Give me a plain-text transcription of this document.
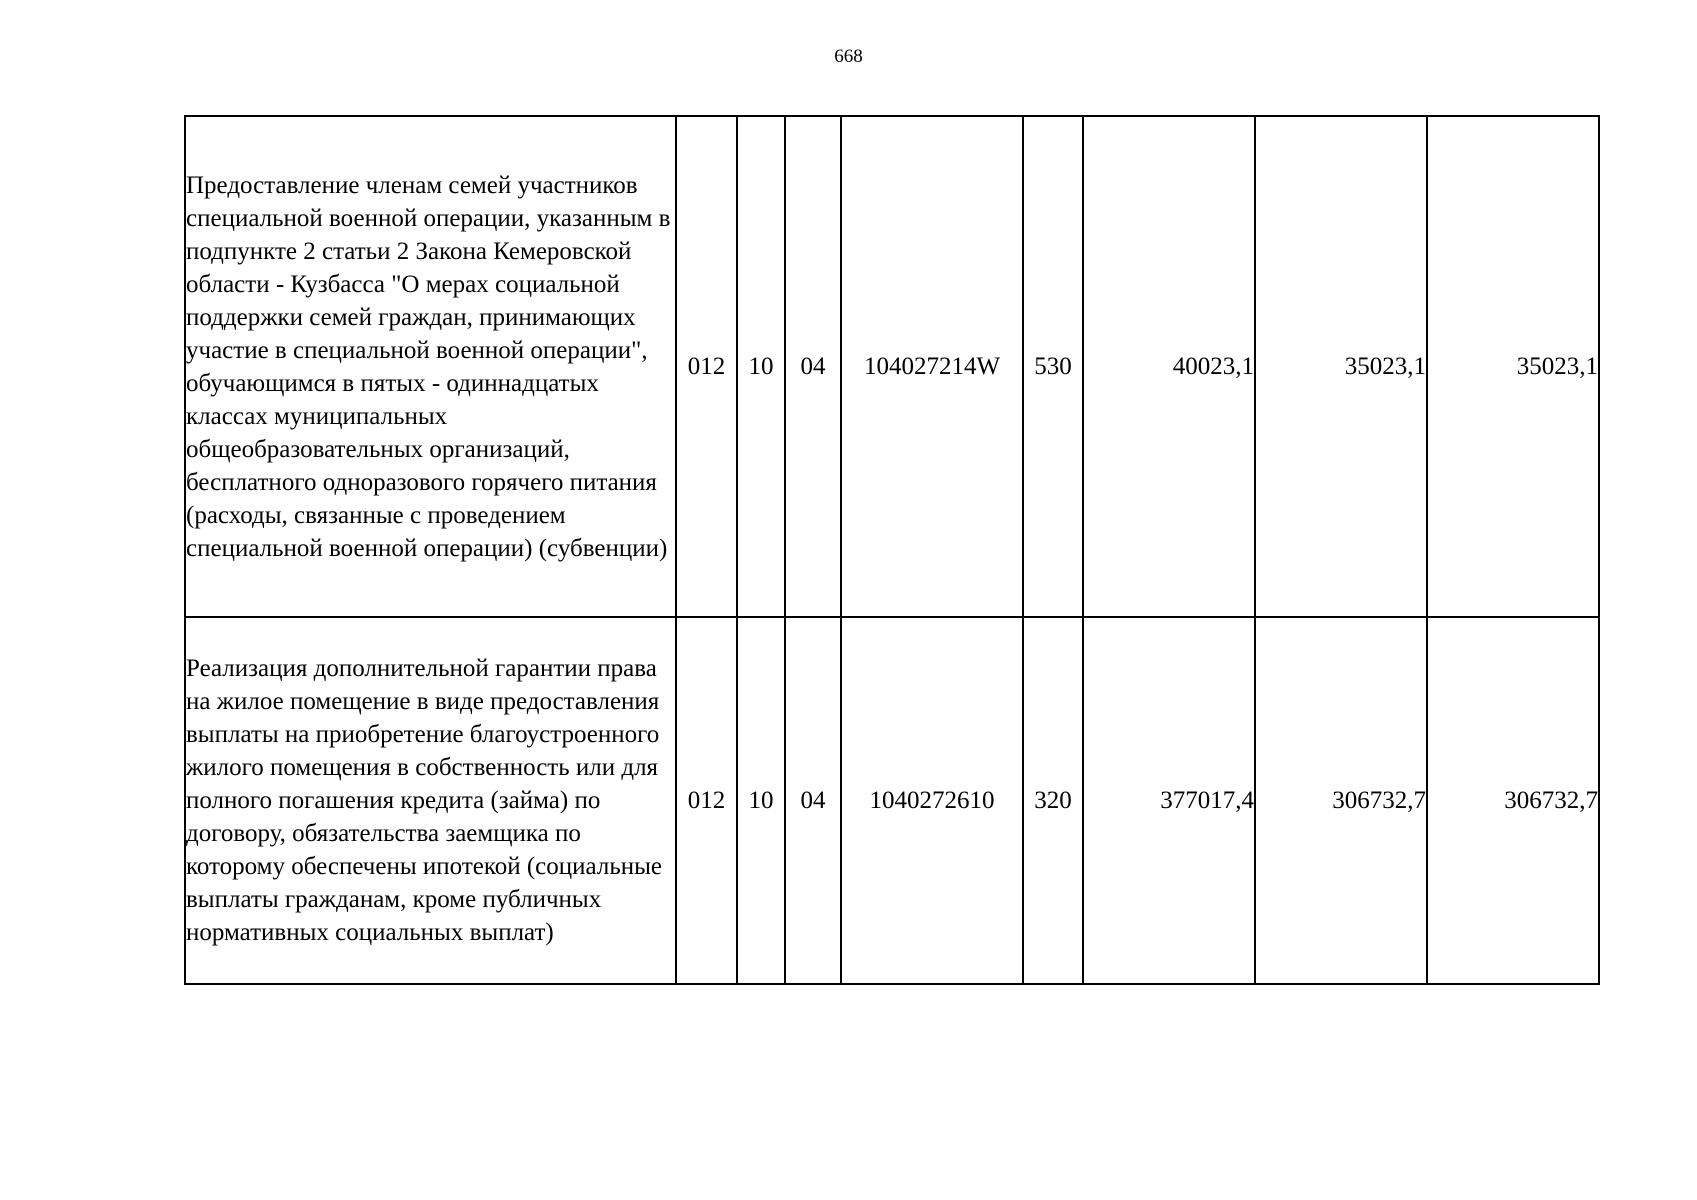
668
Предоставление членам семей участников специальной военной операции, указанным в подпункте 2 статьи 2 Закона Кемеровской области - Кузбасса "О мерах социальной поддержки семей граждан, принимающих участие в специальной военной операции", обучающимся в пятых - одиннадцатых классах муниципальных общеобразовательных организаций, бесплатного одноразового горячего питания (расходы, связанные с проведением специальной военной операции) (субвенции)	012	10	04	104027214W	530	40023,1	35023,1	35023,1
Реализация дополнительной гарантии права на жилое помещение в виде предоставления выплаты на приобретение благоустроенного жилого помещения в собственность или для полного погашения кредита (займа) по договору, обязательства заемщика по которому обеспечены ипотекой (социальные выплаты гражданам, кроме публичных нормативных социальных выплат)	012	10	04	1040272610	320	377017,4	306732,7	306732,7
